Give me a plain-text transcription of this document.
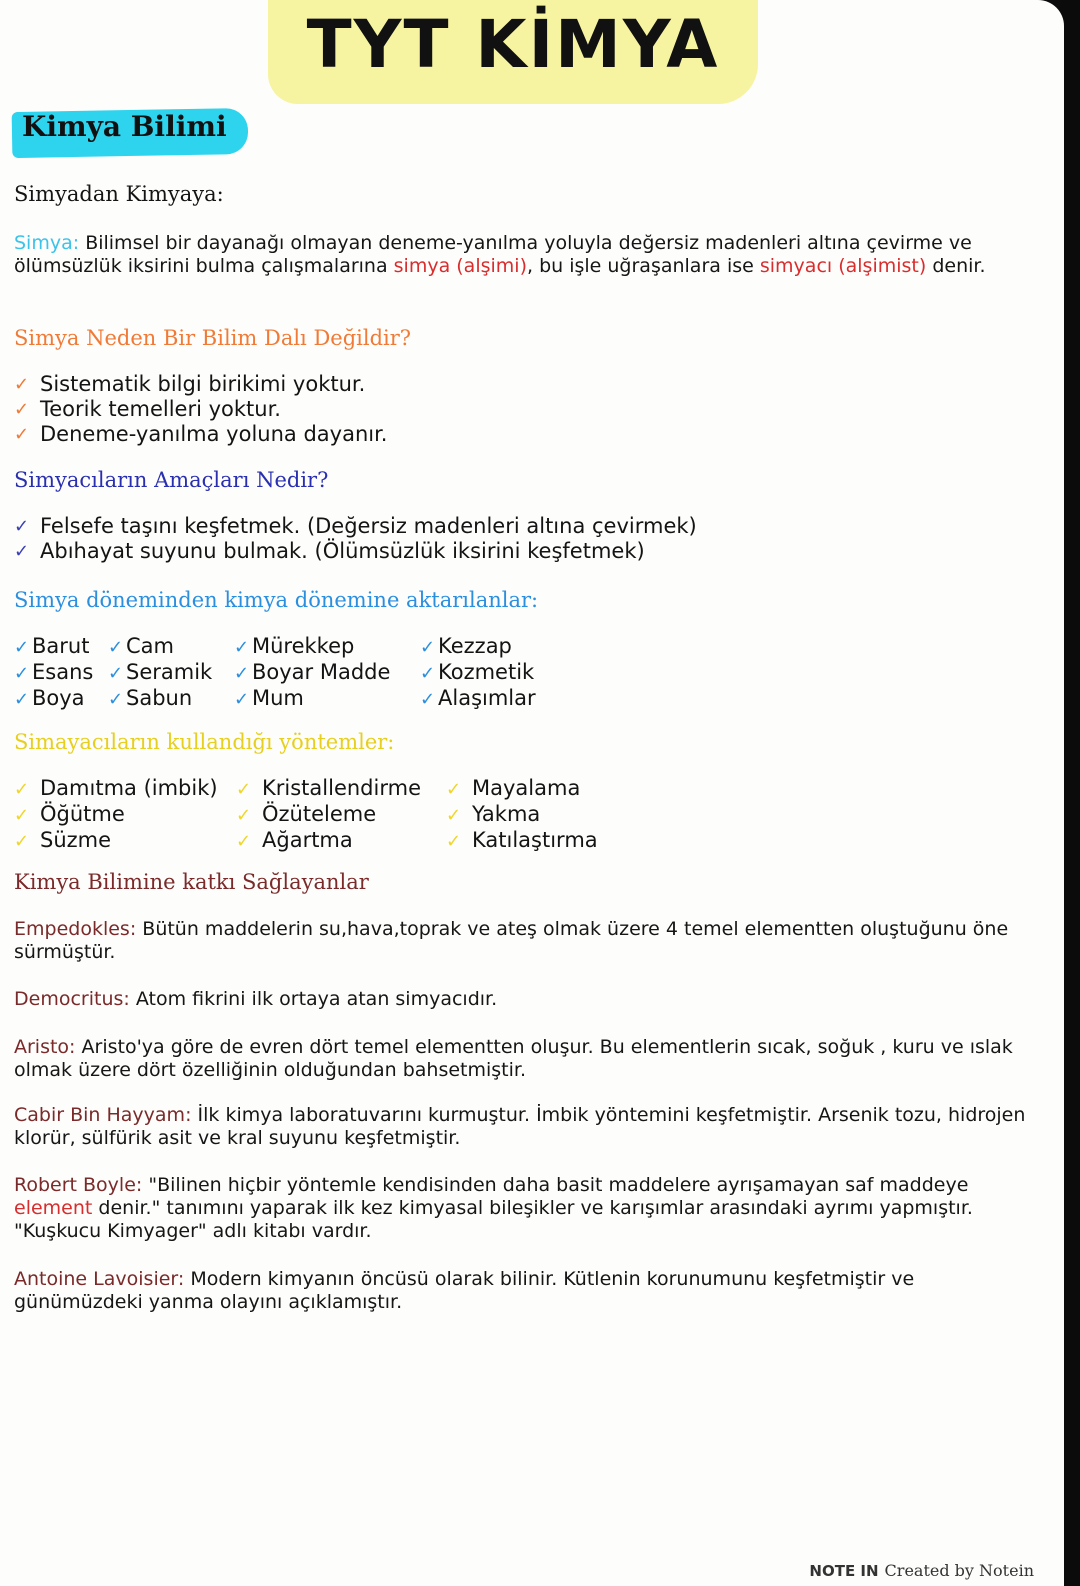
TYT KİMYA
Kimya Bilimi
Simyadan Kimyaya:
Simya: Bilimsel bir dayanağı olmayan deneme-yanılma yoluyla değersiz madenleri altına çevirme ve ölümsüzlük iksirini bulma çalışmalarına simya (alşimi), bu işle uğraşanlara ise simyacı (alşimist) denir.
Simya Neden Bir Bilim Dalı Değildir?
✓ Sistematik bilgi birikimi yoktur.
✓ Teorik temelleri yoktur.
✓ Deneme-yanılma yoluna dayanır.
Simyacıların Amaçları Nedir?
✓ Felsefe taşını keşfetmek. (Değersiz madenleri altına çevirmek)
✓ Abıhayat suyunu bulmak. (Ölümsüzlük iksirini keşfetmek)
Simya döneminden kimya dönemine aktarılanlar:
✓ Barut
✓ Esans
✓ Boya
✓ Cam
✓ Seramik
✓ Sabun
✓ Mürekkep
✓ Boyar Madde
✓ Mum
✓ Kezzap
✓ Kozmetik
✓ Alaşımlar
Simayacıların kullandığı yöntemler:
✓ Damıtma (imbik)
✓ Öğütme
✓ Süzme
✓ Kristallendirme
✓ Özüteleme
✓ Ağartma
✓ Mayalama
✓ Yakma
✓ Katılaştırma
Kimya Bilimine katkı Sağlayanlar
Empedokles: Bütün maddelerin su,hava,toprak ve ateş olmak üzere 4 temel elementten oluştuğunu öne sürmüştür.
Democritus: Atom fikrini ilk ortaya atan simyacıdır.
Aristo: Aristo'ya göre de evren dört temel elementten oluşur. Bu elementlerin sıcak, soğuk , kuru ve ıslak olmak üzere dört özelliğinin olduğundan bahsetmiştir.
Cabir Bin Hayyam: İlk kimya laboratuvarını kurmuştur. İmbik yöntemini keşfetmiştir. Arsenik tozu, hidrojen klorür, sülfürik asit ve kral suyunu keşfetmiştir.
Robert Boyle: "Bilinen hiçbir yöntemle kendisinden daha basit maddelere ayrışamayan saf maddeye element denir." tanımını yaparak ilk kez kimyasal bileşikler ve karışımlar arasındaki ayrımı yapmıştır. "Kuşkucu Kimyager" adlı kitabı vardır.
Antoine Lavoisier: Modern kimyanın öncüsü olarak bilinir. Kütlenin korunumunu keşfetmiştir ve günümüzdeki yanma olayını açıklamıştır.
NOTE IN Created by Notein
